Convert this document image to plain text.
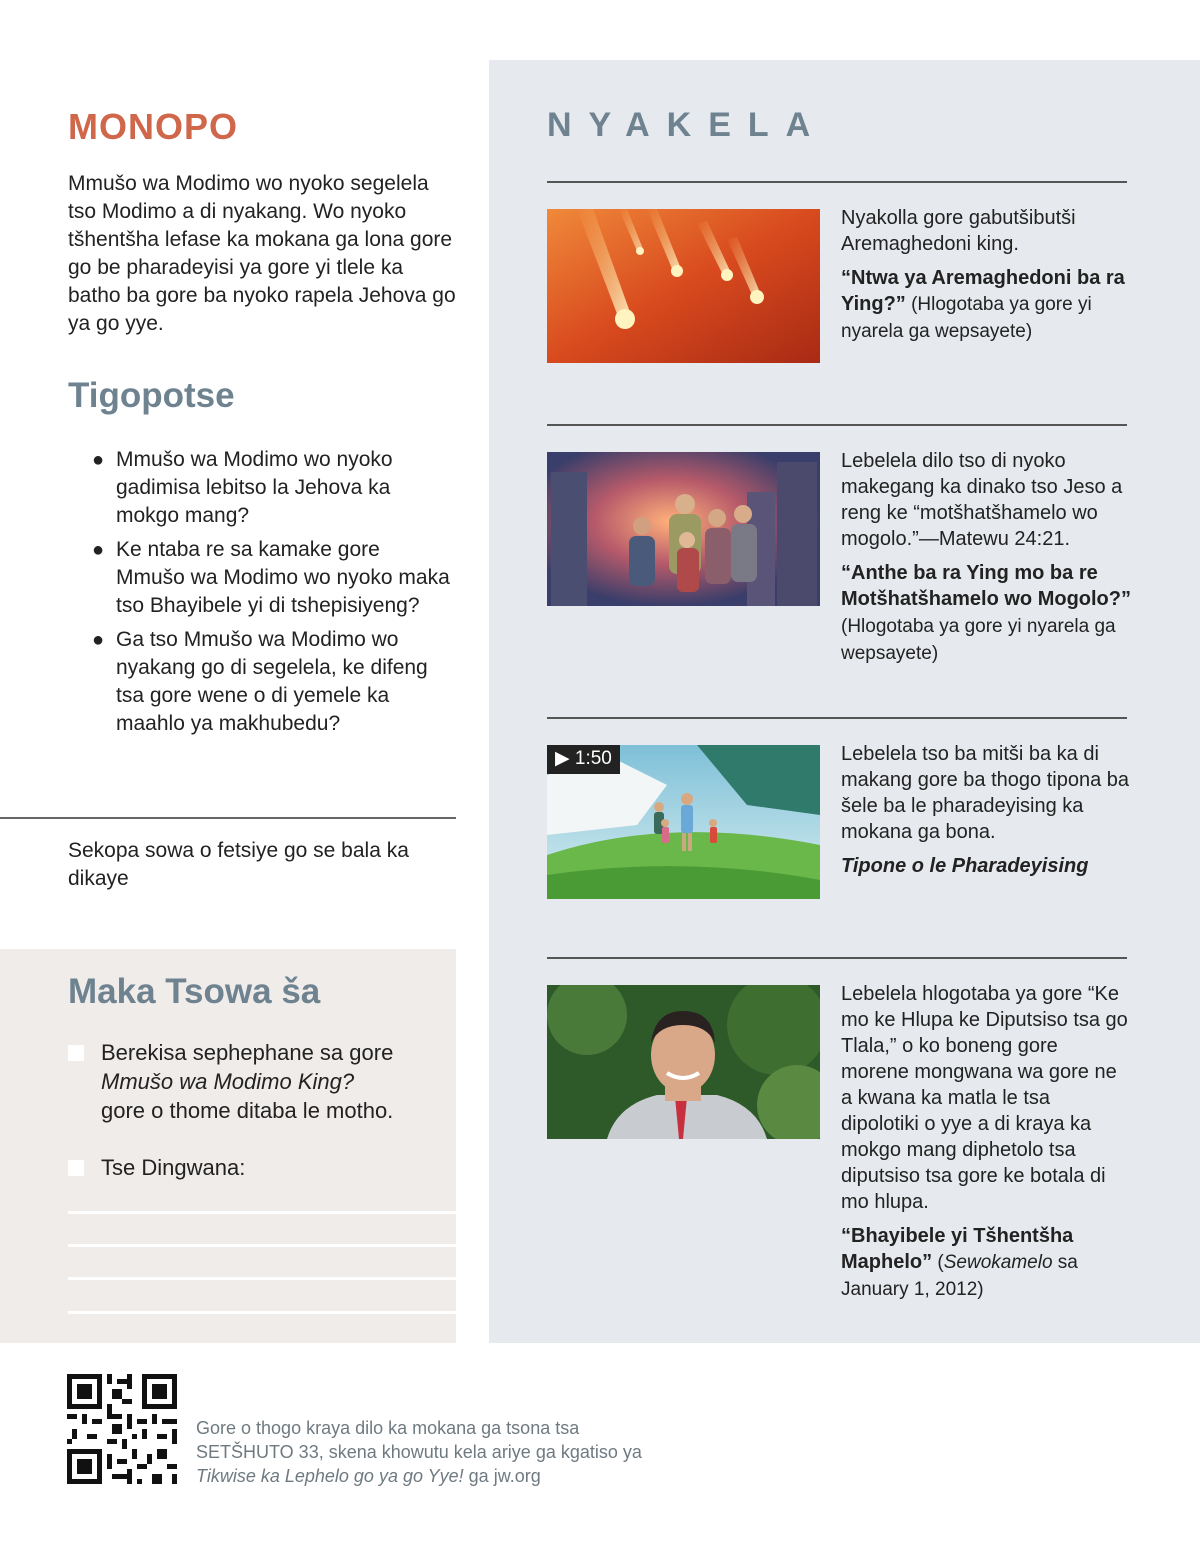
MONOPO

Mmušo wa Modimo wo nyoko segelela tso Modimo a di nyakang. Wo nyoko tšhentšha lefase ka mokana ga lona gore go be pharadeyisi ya gore yi tlele ka batho ba gore ba nyoko rapela Jehova go ya go yye.

Tigopotse
● Mmušo wa Modimo wo nyoko gadimisa lebitso la Jehova ka mokgo mang?
● Ke ntaba re sa kamake gore Mmušo wa Modimo wo nyoko maka tso Bhayibele yi di tshepisiyeng?
● Ga tso Mmušo wa Modimo wo nyakang go di segelela, ke difeng tsa gore wene o di yemele ka maahlo ya makhubedu?

Sekopa sowa o fetsiye go se bala ka dikaye

Maka Tsowa ša

Berekisa sephephane sa gore
Mmušo wa Modimo King?
gore o thome ditaba le motho.

Tse Dingwana:

NYAKELA

Nyakolla gore gabutšibutši Aremaghedoni king.

“Ntwa ya Aremaghedoni ba ra Ying?” (Hlogotaba ya gore yi nyarela ga wepsayete)

Lebelela dilo tso di nyoko makegang ka dinako tso Jeso a reng ke “motšhatšhamelo wo mogolo.”—Matewu 24:21.

“Anthe ba ra Ying mo ba re Motšhatšhamelo wo Mogolo?” (Hlogotaba ya gore yi nyarela ga wepsayete)

▶ 1:50	Lebelela tso ba mitši ba ka di makang gore ba thogo tipona ba šele ba le pharadeyising ka mokana ga bona.

Tipone o le Pharadeyising

Lebelela hlogotaba ya gore “Ke mo ke Hlupa ke Diputsiso tsa go Tlala,” o ko boneng gore morene mongwana wa gore ne a kwana ka matla le tsa dipolotiki o yye a di kraya ka mokgo mang diphetolo tsa diputsiso tsa gore ke botala di mo hlupa.

“Bhayibele yi Tšhentšha Maphelo” (Sewokamelo sa January 1, 2012)

Gore o thogo kraya dilo ka mokana ga tsona tsa SETŠHUTO 33, skena khowutu kela ariye ga kgatiso ya
Tikwise ka Lephelo go ya go Yye! ga jw.org
